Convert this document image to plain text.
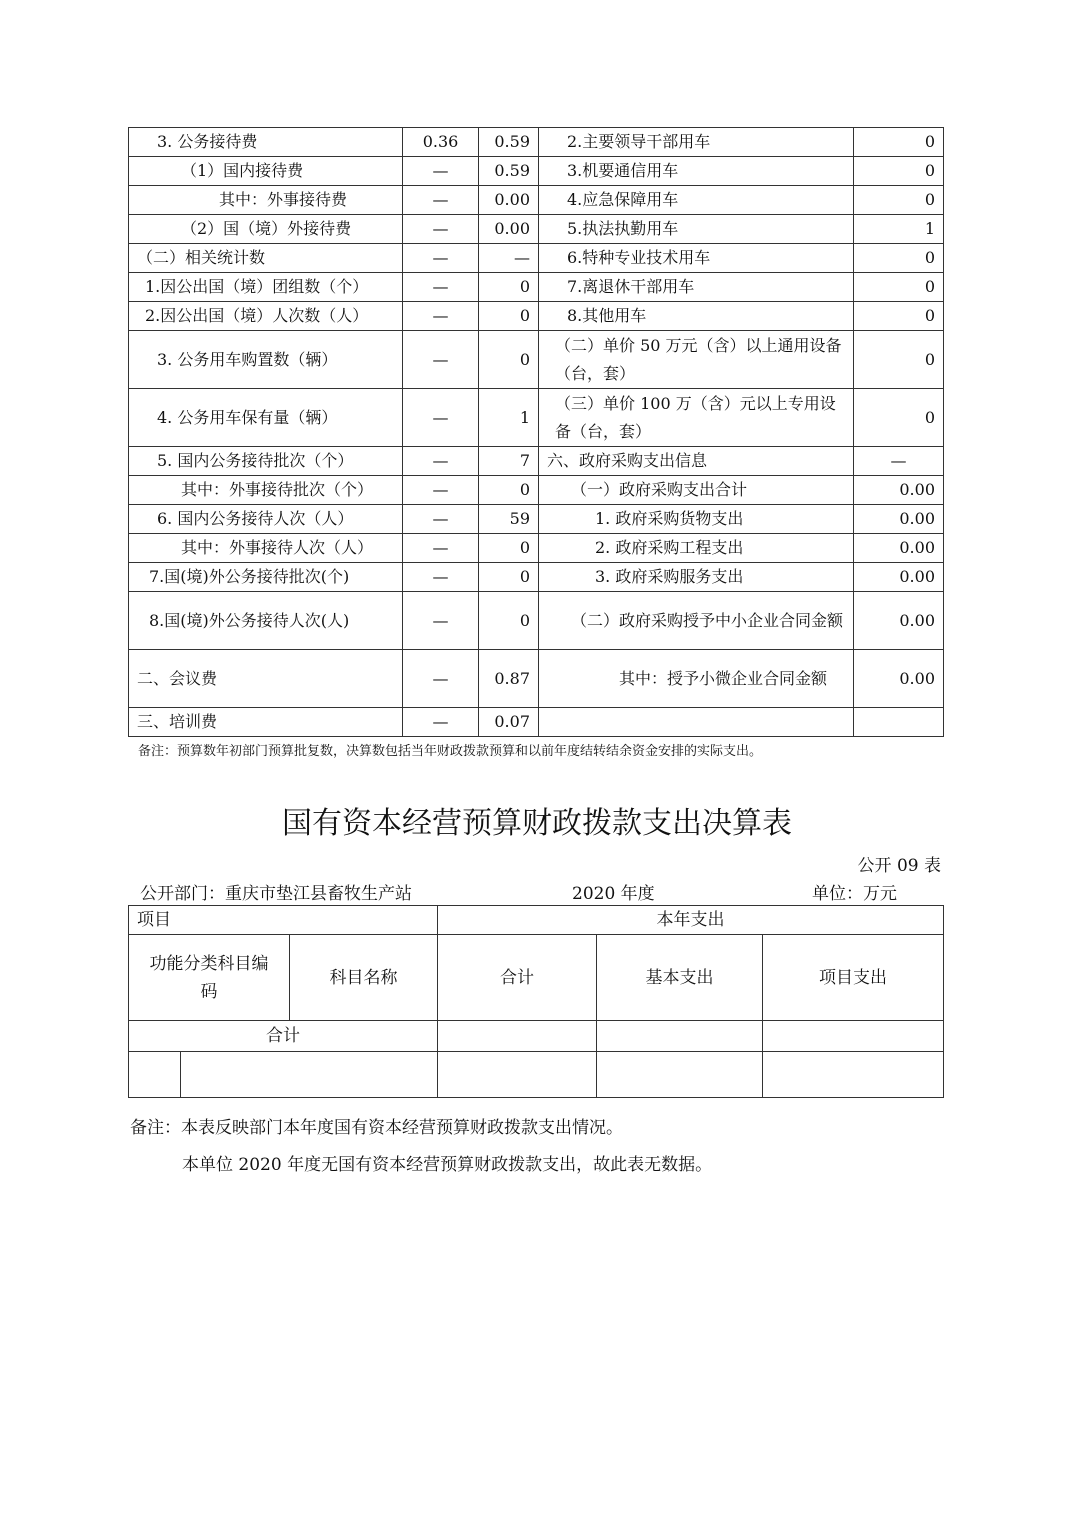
3. 公务接待费	0.36	0.59	2.主要领导干部用车	0
（1）国内接待费	—	0.59	3.机要通信用车	0
其中：外事接待费	—	0.00	4.应急保障用车	0
（2）国（境）外接待费	—	0.00	5.执法执勤用车	1
（二）相关统计数	—	—	6.特种专业技术用车	0
1.因公出国（境）团组数（个）	—	0	7.离退休干部用车	0
2.因公出国（境）人次数（人）	—	0	8.其他用车	0
3. 公务用车购置数（辆）	—	0	（二）单价 50 万元（含）以上通用设备（台，套）	0
4. 公务用车保有量（辆）	—	1	（三）单价 100 万（含）元以上专用设备（台，套）	0
5. 国内公务接待批次（个）	—	7	六、政府采购支出信息	—
其中：外事接待批次（个）	—	0	（一）政府采购支出合计	0.00
6. 国内公务接待人次（人）	—	59	1. 政府采购货物支出	0.00
其中：外事接待人次（人）	—	0	2. 政府采购工程支出	0.00
7.国(境)外公务接待批次(个)	—	0	3. 政府采购服务支出	0.00
8.国(境)外公务接待人次(人)	—	0	（二）政府采购授予中小企业合同金额	0.00
二、会议费	—	0.87	其中：授予小微企业合同金额	0.00
三、培训费	—	0.07		
备注：预算数年初部门预算批复数，决算数包括当年财政拨款预算和以前年度结转结余资金安排的实际支出。
国有资本经营预算财政拨款支出决算表
公开 09 表
公开部门：重庆市垫江县畜牧生产站	2020 年度	单位：万元
项目			本年支出		
功能分类科目编码		科目名称	合计	基本支出	项目支出
合计					

备注：本表反映部门本年度国有资本经营预算财政拨款支出情况。
本单位 2020 年度无国有资本经营预算财政拨款支出，故此表无数据。
